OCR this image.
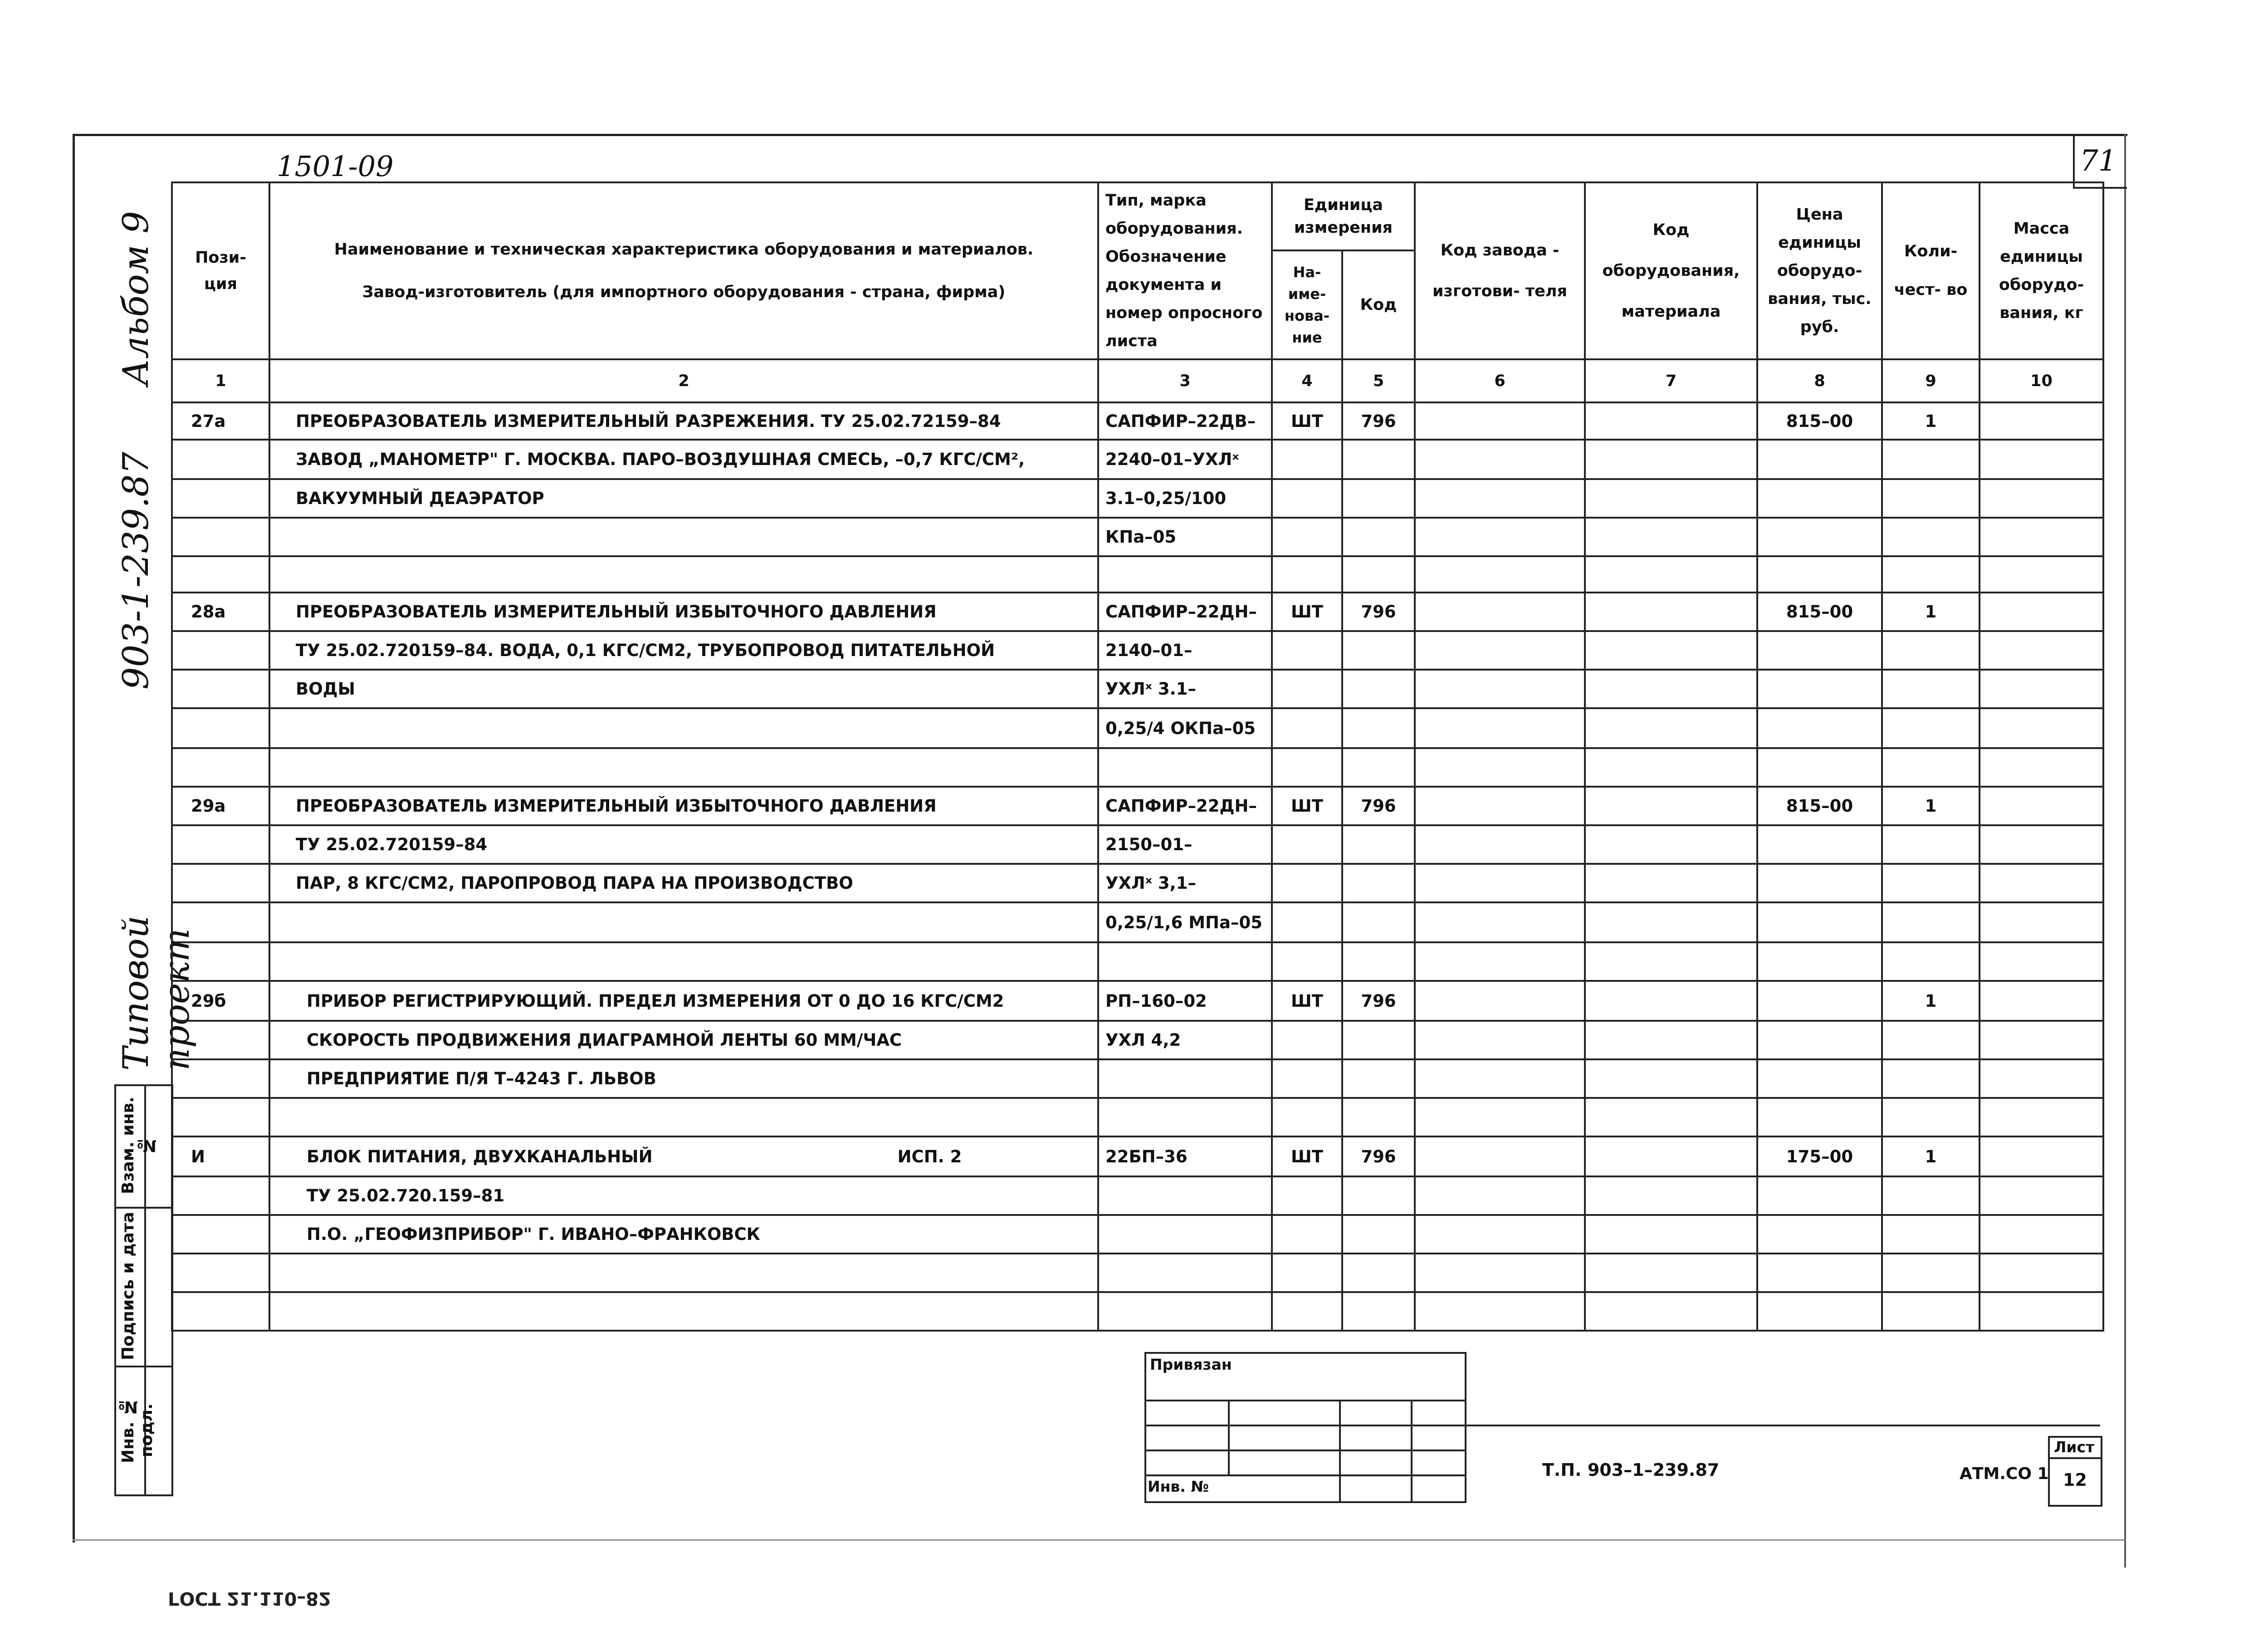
1501-09	71
Альбом 9
903-1-239.87
Типовой проект
Взам. инв. №
Подпись и дата
Инв. № подл.
Пози-
ция	Наименование и техническая характеристика оборудования и материалов.
Завод-изготовитель (для импортного оборудования - страна, фирма)	Тип, марка оборудования. Обозначение документа и номер опросного листа	Единица измерения		Код завода - изготови- теля	Код оборудования, материала	Цена единицы оборудо- вания, тыс. руб.	Коли- чест- во	Масса единицы оборудо- вания, кг
			На-
име-
нова-
ние	Код					
1	2	3	4	5	6	7	8	9	10
27а	ПРЕОБРАЗОВАТЕЛЬ ИЗМЕРИТЕЛЬНЫЙ РАЗРЕЖЕНИЯ. ТУ 25.02.72159–84	САПФИР–22ДВ–	ШТ	796			815–00	1	
	ЗАВОД „МАНОМЕТР" Г. МОСКВА. ПАРО–ВОЗДУШНАЯ СМЕСЬ, –0,7 КГС/СМ²,	2240–01–УХЛˣ							
	ВАКУУМНЫЙ ДЕАЭРАТОР	3.1–0,25/100							
		КПа–05							

28а	ПРЕОБРАЗОВАТЕЛЬ ИЗМЕРИТЕЛЬНЫЙ ИЗБЫТОЧНОГО ДАВЛЕНИЯ	САПФИР–22ДН–	ШТ	796			815–00	1	
	ТУ 25.02.720159–84. ВОДА, 0,1 КГС/СМ2, ТРУБОПРОВОД ПИТАТЕЛЬНОЙ	2140–01–							
	ВОДЫ	УХЛˣ 3.1–							
		0,25/4 ОКПа–05							

29а	ПРЕОБРАЗОВАТЕЛЬ ИЗМЕРИТЕЛЬНЫЙ ИЗБЫТОЧНОГО ДАВЛЕНИЯ	САПФИР–22ДН–	ШТ	796			815–00	1	
	ТУ 25.02.720159–84	2150–01–							
	ПАР, 8 КГС/СМ2, ПАРОПРОВОД ПАРА НА ПРОИЗВОДСТВО	УХЛˣ 3,1–							
		0,25/1,6 МПа–05							

29б	ПРИБОР РЕГИСТРИРУЮЩИЙ. ПРЕДЕЛ ИЗМЕРЕНИЯ ОТ 0 ДО 16 КГС/СМ2	РП–160–02	ШТ	796				1	
	СКОРОСТЬ ПРОДВИЖЕНИЯ ДИАГРАМНОЙ ЛЕНТЫ 60 ММ/ЧАС	УХЛ 4,2							
	ПРЕДПРИЯТИЕ П/Я Т–4243 Г. ЛЬВОВ								

И	БЛОК ПИТАНИЯ, ДВУХКАНАЛЬНЫЙ ИСП. 2	22БП–36	ШТ	796			175–00	1	
	ТУ 25.02.720.159–81								
	П.О. „ГЕОФИЗПРИБОР" Г. ИВАНО–ФРАНКОВСК								

Привязан
Инв. №
Т.П. 903–1–239.87	АТМ.СО 1
Лист
12
ГОСТ 21.110–82
